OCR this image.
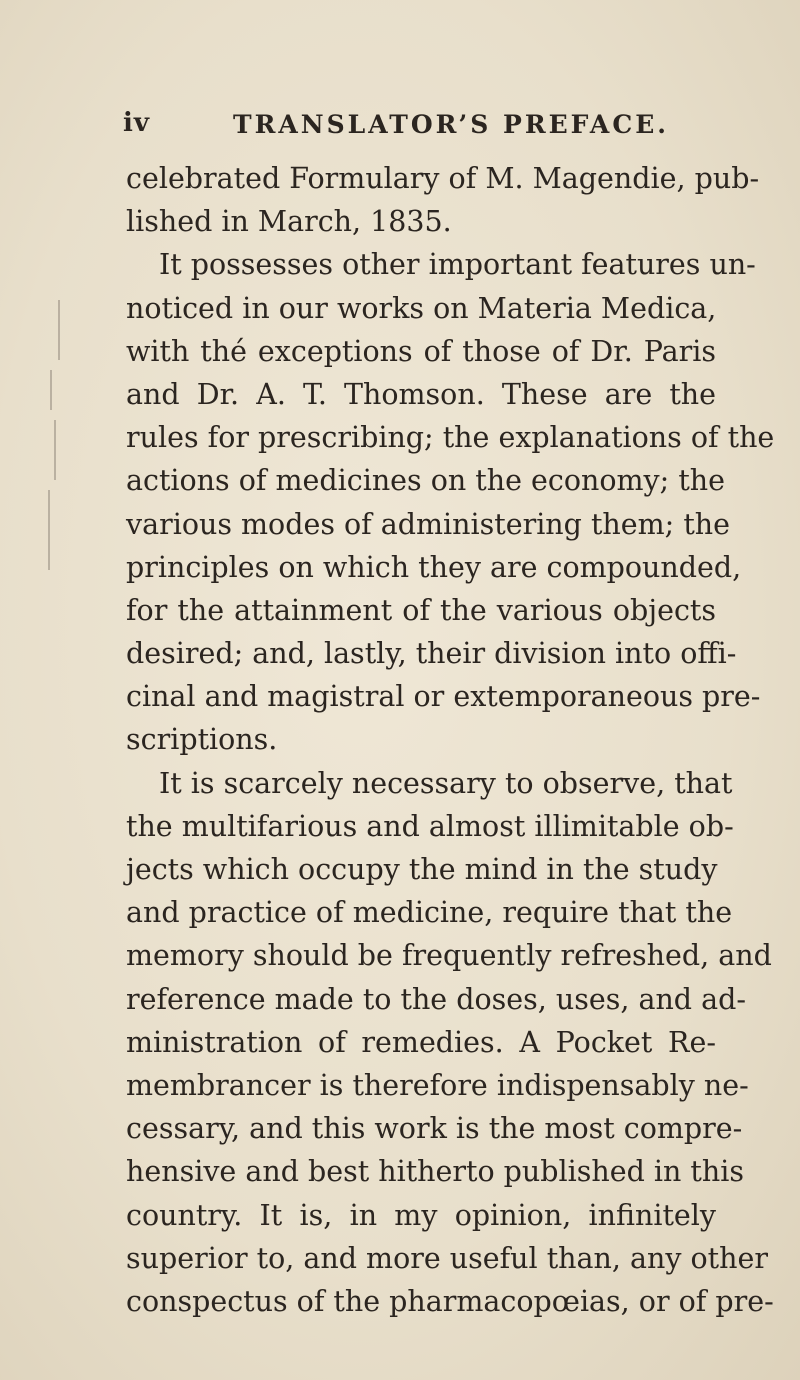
iv	TRANSLATOR’S PREFACE.
celebrated Formulary of M. Magendie, pub-
lished in March, 1835.
It possesses other important features un-
noticed in our works on Materia Medica,
with thé exceptions of those of Dr. Paris
and Dr. A. T. Thomson. These are the
rules for prescribing; the explanations of the
actions of medicines on the economy; the
various modes of administering them; the
principles on which they are compounded,
for the attainment of the various objects
desired; and, lastly, their division into offi-
cinal and magistral or extemporaneous pre-
scriptions.
It is scarcely necessary to observe, that
the multifarious and almost illimitable ob-
jects which occupy the mind in the study
and practice of medicine, require that the
memory should be frequently refreshed, and
reference made to the doses, uses, and ad-
ministration of remedies. A Pocket Re-
membrancer is therefore indispensably ne-
cessary, and this work is the most compre-
hensive and best hitherto published in this
country. It is, in my opinion, infinitely
superior to, and more useful than, any other
conspectus of the pharmacopœias, or of pre-
